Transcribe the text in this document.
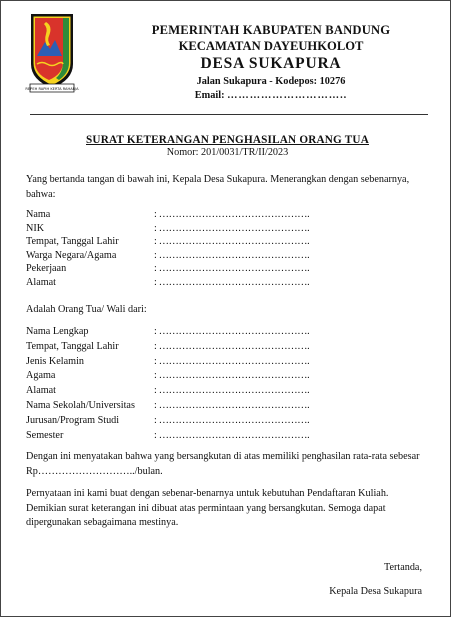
REPEH RAPIH KERTA RAHARJA
PEMERINTAH KABUPATEN BANDUNG
KECAMATAN DAYEUHKOLOT
DESA SUKAPURA
Jalan Sukapura - Kodepos: 10276
Email: …………………………..
SURAT KETERANGAN PENGHASILAN ORANG TUA
Nomor: 201/0031/TR/II/2023
Yang bertanda tangan di bawah ini, Kepala Desa Sukapura. Menerangkan dengan sebenarnya, bahwa:
Nama	: ……………………………………….
NIK	: ……………………………………….
Tempat, Tanggal Lahir	: ……………………………………….
Warga Negara/Agama	: ……………………………………….
Pekerjaan	: ……………………………………….
Alamat	: ……………………………………….
Adalah Orang Tua/ Wali dari:
Nama Lengkap	: ……………………………………….
Tempat, Tanggal Lahir	: ……………………………………….
Jenis Kelamin	: ……………………………………….
Agama	: ……………………………………….
Alamat	: ……………………………………….
Nama Sekolah/Universitas : ……………………………………….
Jurusan/Program Studi	: ……………………………………….
Semester	: ……………………………………….
Dengan ini menyatakan bahwa yang bersangkutan di atas memiliki penghasilan rata-rata sebesar Rp………………………../bulan.
Pernyataan ini kami buat dengan sebenar-benarnya untuk kebutuhan Pendaftaran Kuliah. Demikian surat keterangan ini dibuat atas permintaan yang bersangkutan. Semoga dapat dipergunakan sebagaimana mestinya.
Tertanda,
Kepala Desa Sukapura
